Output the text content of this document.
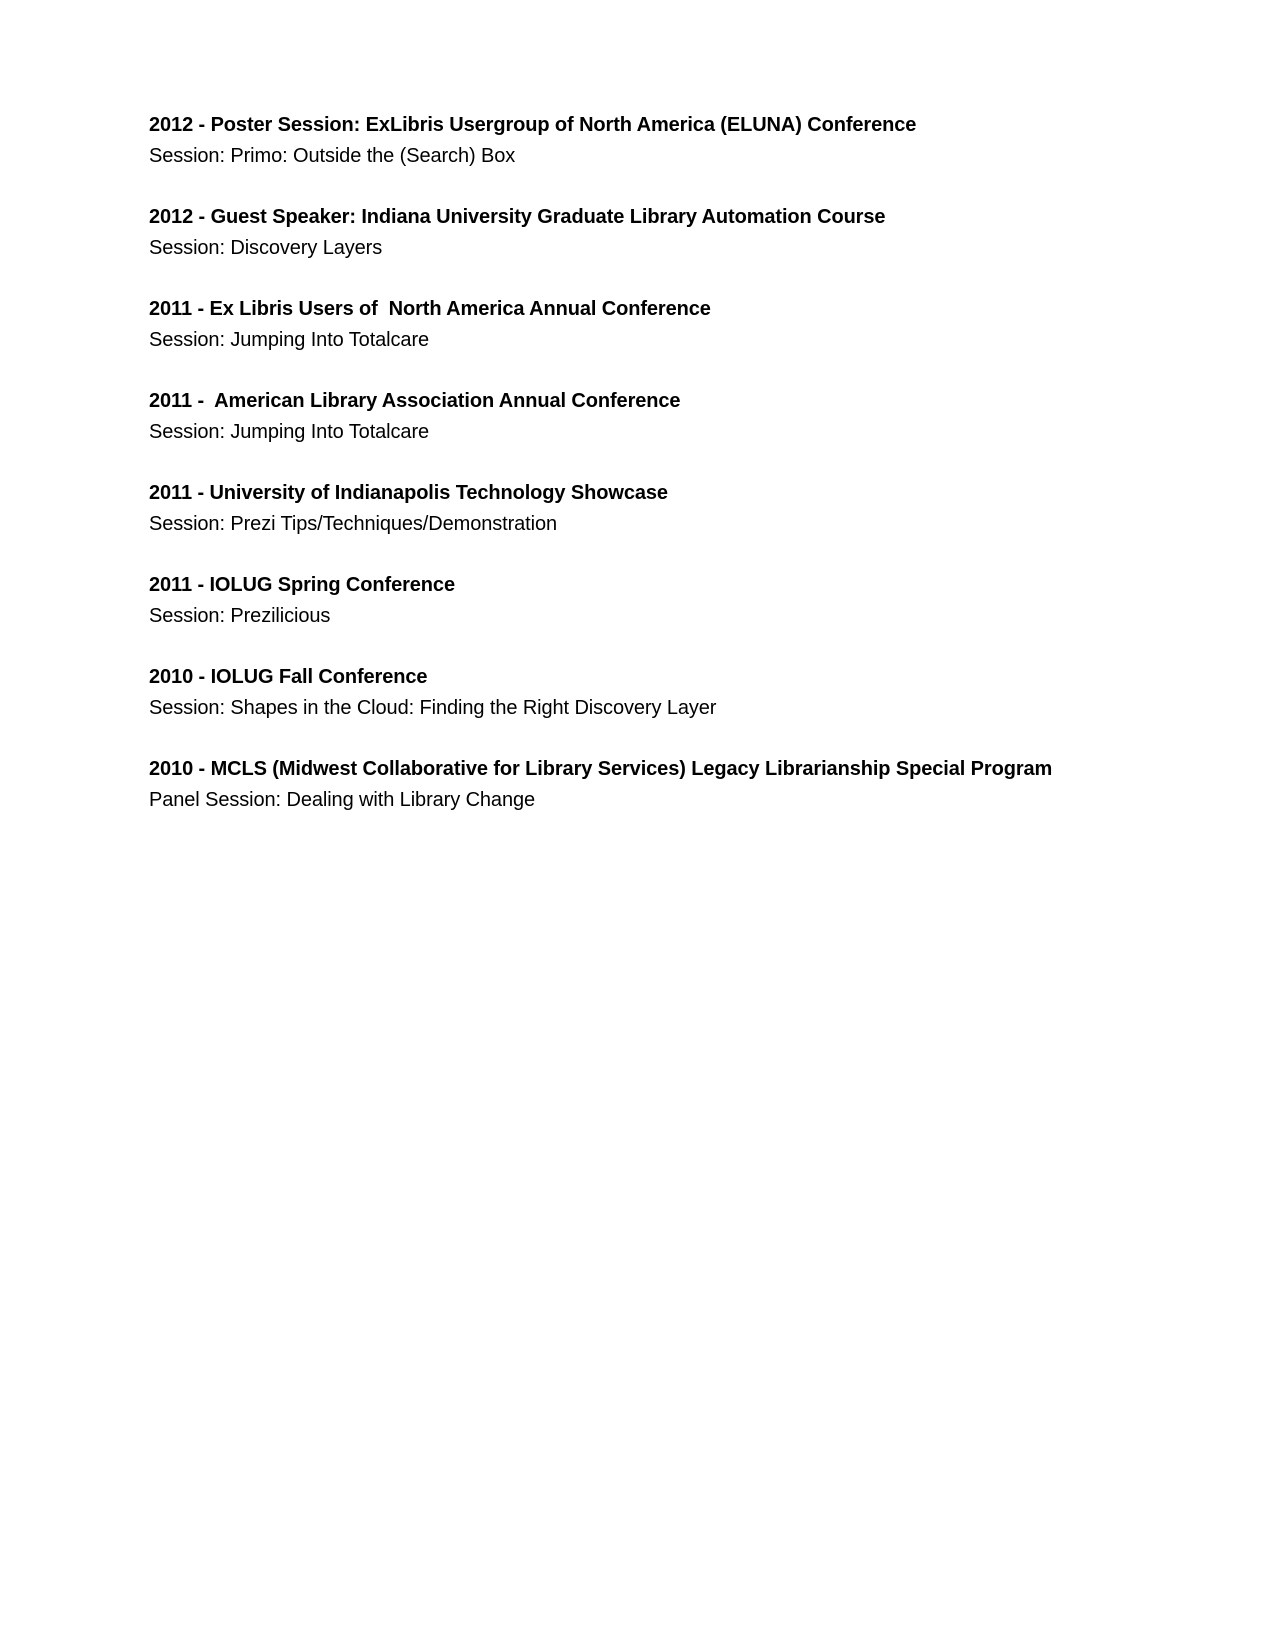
2012 - Poster Session: ExLibris Usergroup of North America (ELUNA) Conference
Session: Primo: Outside the (Search) Box
2012 - Guest Speaker: Indiana University Graduate Library Automation Course
Session: Discovery Layers
2011 - Ex Libris Users of  North America Annual Conference
Session: Jumping Into Totalcare
2011 -  American Library Association Annual Conference
Session: Jumping Into Totalcare
2011 - University of Indianapolis Technology Showcase
Session: Prezi Tips/Techniques/Demonstration
2011 - IOLUG Spring Conference
Session: Prezilicious
2010 - IOLUG Fall Conference
Session: Shapes in the Cloud: Finding the Right Discovery Layer
2010 - MCLS (Midwest Collaborative for Library Services) Legacy Librarianship Special Program
Panel Session: Dealing with Library Change
